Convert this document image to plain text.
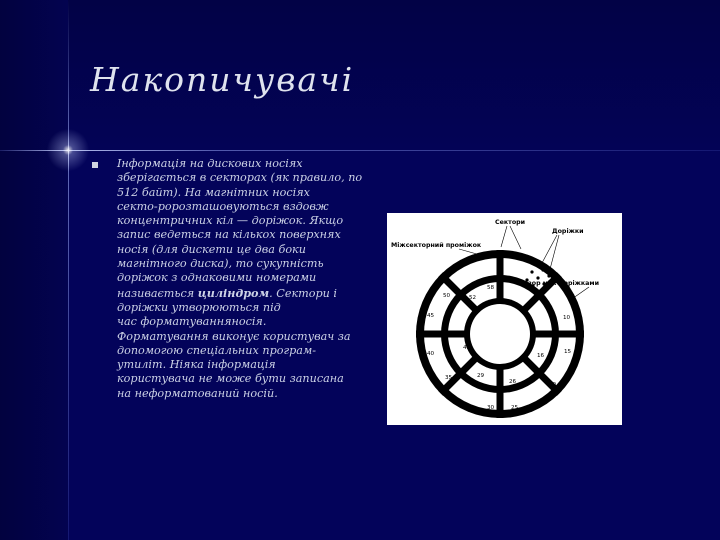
Накопичувачі

Інформація на дискових носіях
зберігається в секторах (як правило, по
512 байт). На магнітних носіях
секто-ророзташовуються вздовж
концентричних кіл — доріжок. Якщо
запис ведеться на кількох поверхнях
носія (для дискети це два боки
магнітного диска), то сукупність
доріжок з однаковими номерами
називається циліндром. Сектори і
доріжки утворюються під
час форматуванняносія.
Форматування виконує користувач за
допомогою спеціальних програм-
утиліт. Ніяка інформація
користувача не може бути записана
на неформатований носій.

59	00
55
50
45
40
35
30	25
20
15
10
41
29
26
16
52
58
Сектори
Доріжки
Міжсекторний проміжок
Зазор між доріжками
